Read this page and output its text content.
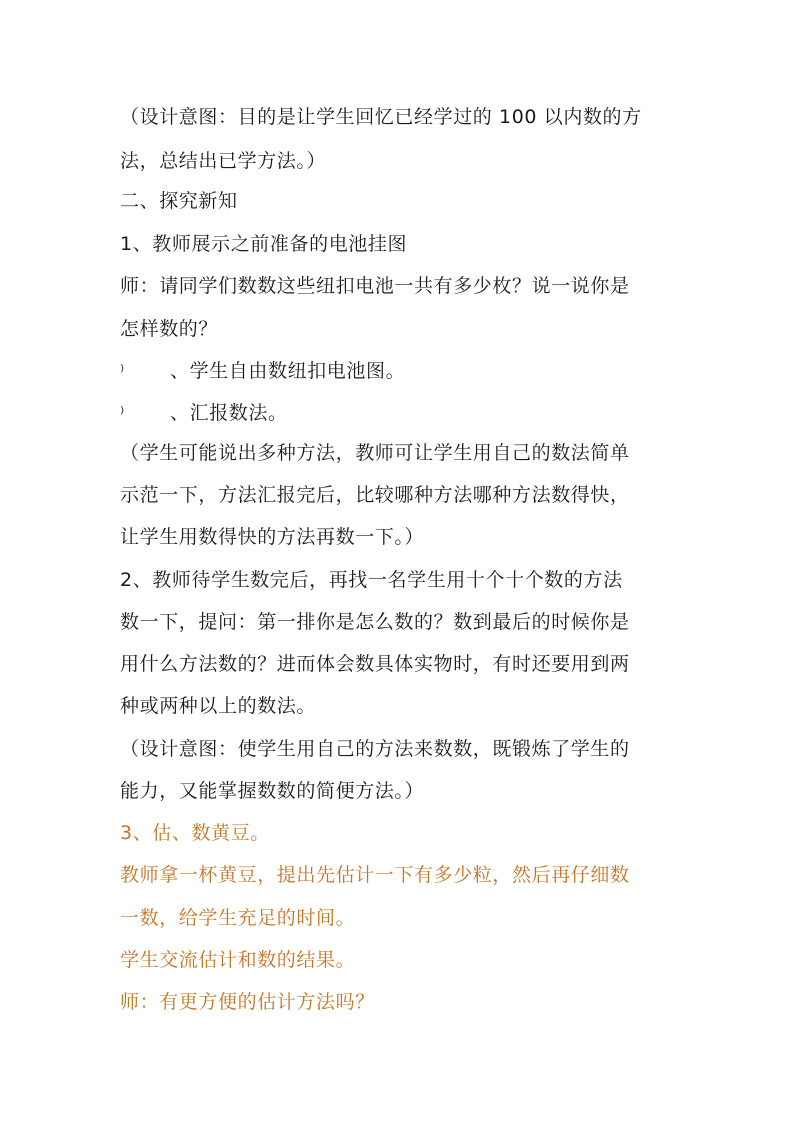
（设计意图：目的是让学生回忆已经学过的 100 以内数的方
法，总结出已学方法。）
二、探究新知
1、教师展示之前准备的电池挂图
师：请同学们数数这些纽扣电池一共有多少枚？说一说你是
怎样数的？
⁾ 、学生自由数纽扣电池图。
⁾ 、汇报数法。
（学生可能说出多种方法，教师可让学生用自己的数法简单
示范一下，方法汇报完后，比较哪种方法哪种方法数得快，
让学生用数得快的方法再数一下。）
2、教师待学生数完后，再找一名学生用十个十个数的方法
数一下，提问：第一排你是怎么数的？数到最后的时候你是
用什么方法数的？进而体会数具体实物时，有时还要用到两
种或两种以上的数法。
（设计意图：使学生用自己的方法来数数，既锻炼了学生的
能力，又能掌握数数的简便方法。）
3、估、数黄豆。
教师拿一杯黄豆，提出先估计一下有多少粒，然后再仔细数
一数，给学生充足的时间。
学生交流估计和数的结果。
师：有更方便的估计方法吗？
